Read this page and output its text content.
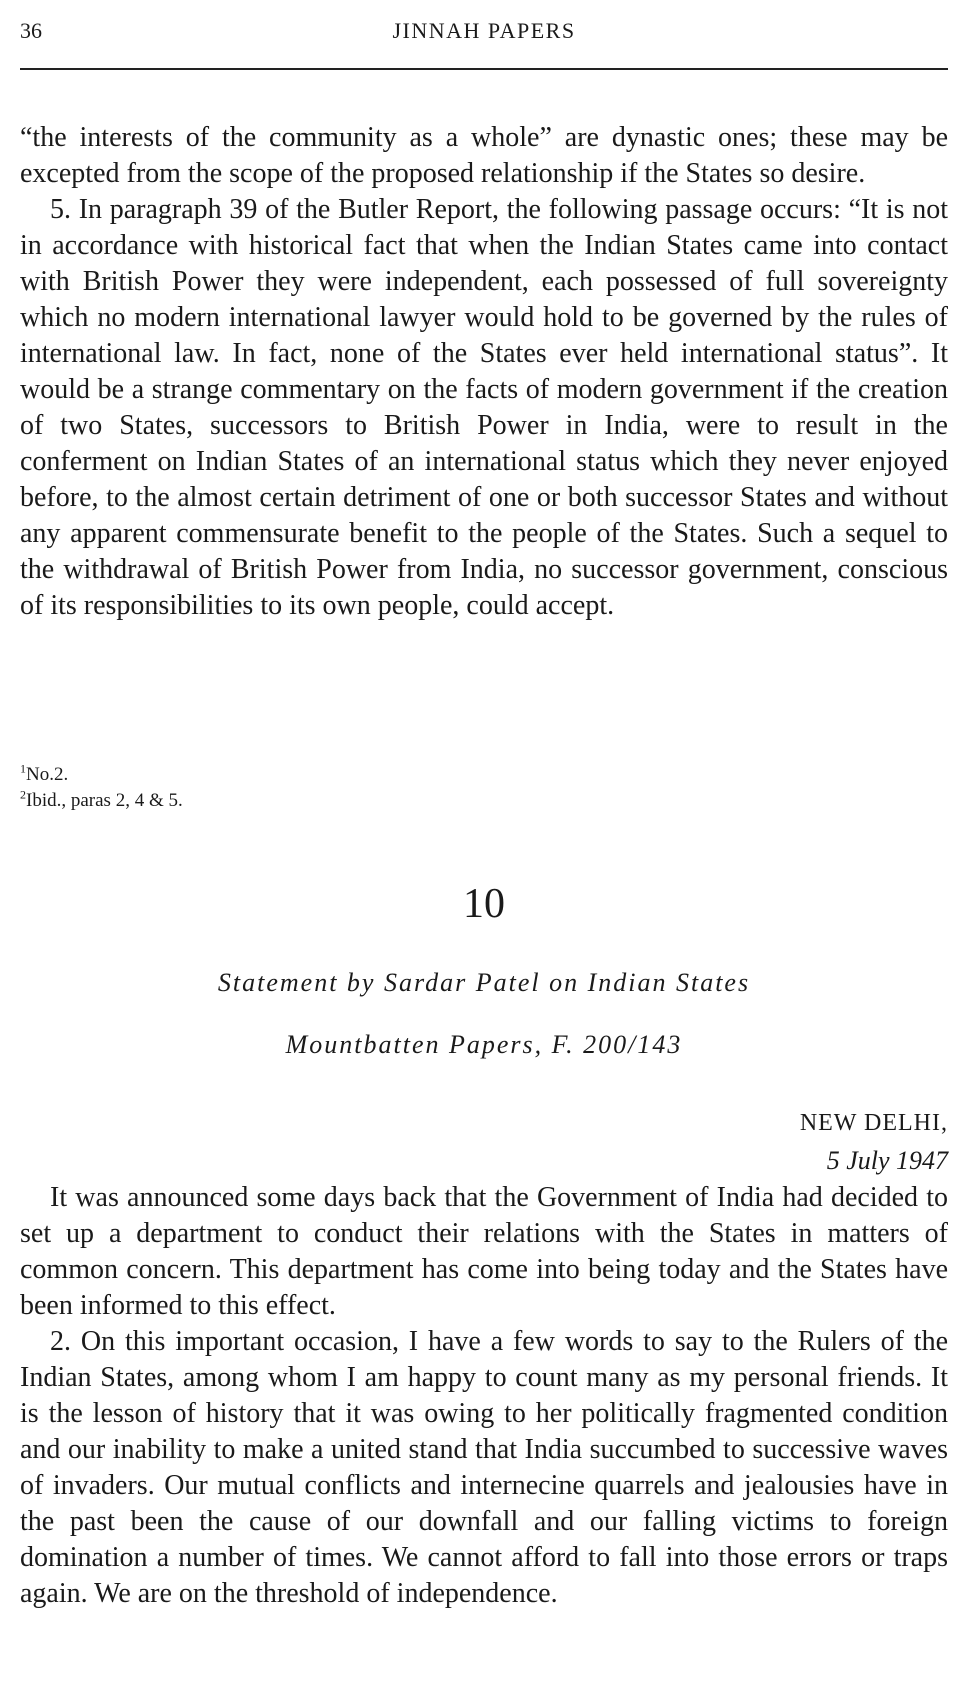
36	JINNAH PAPERS

“the interests of the community as a whole” are dynastic ones; these may be excepted from the scope of the proposed relationship if the States so desire.

5. In paragraph 39 of the Butler Report, the following passage occurs: “It is not in accordance with historical fact that when the Indian States came into contact with British Power they were independent, each possessed of full sovereignty which no modern international lawyer would hold to be governed by the rules of international law. In fact, none of the States ever held international status”. It would be a strange commentary on the facts of modern government if the creation of two States, successors to British Power in India, were to result in the conferment on Indian States of an international status which they never enjoyed before, to the almost certain detriment of one or both successor States and without any apparent commensurate benefit to the people of the States. Such a sequel to the withdrawal of British Power from India, no successor government, conscious of its responsibilities to its own people, could accept.

$^1$No.2.
$^2$Ibid., paras 2, 4 & 5.
10
Statement by Sardar Patel on Indian States
Mountbatten Papers, F. 200/143
NEW DELHI,
5 July 1947

It was announced some days back that the Government of India had decided to set up a department to conduct their relations with the States in matters of common concern. This department has come into being today and the States have been informed to this effect.

2. On this important occasion, I have a few words to say to the Rulers of the Indian States, among whom I am happy to count many as my personal friends. It is the lesson of history that it was owing to her politically fragmented condition and our inability to make a united stand that India succumbed to successive waves of invaders. Our mutual conflicts and internecine quarrels and jealousies have in the past been the cause of our downfall and our falling victims to foreign domination a number of times. We cannot afford to fall into those errors or traps again. We are on the threshold of independence.
